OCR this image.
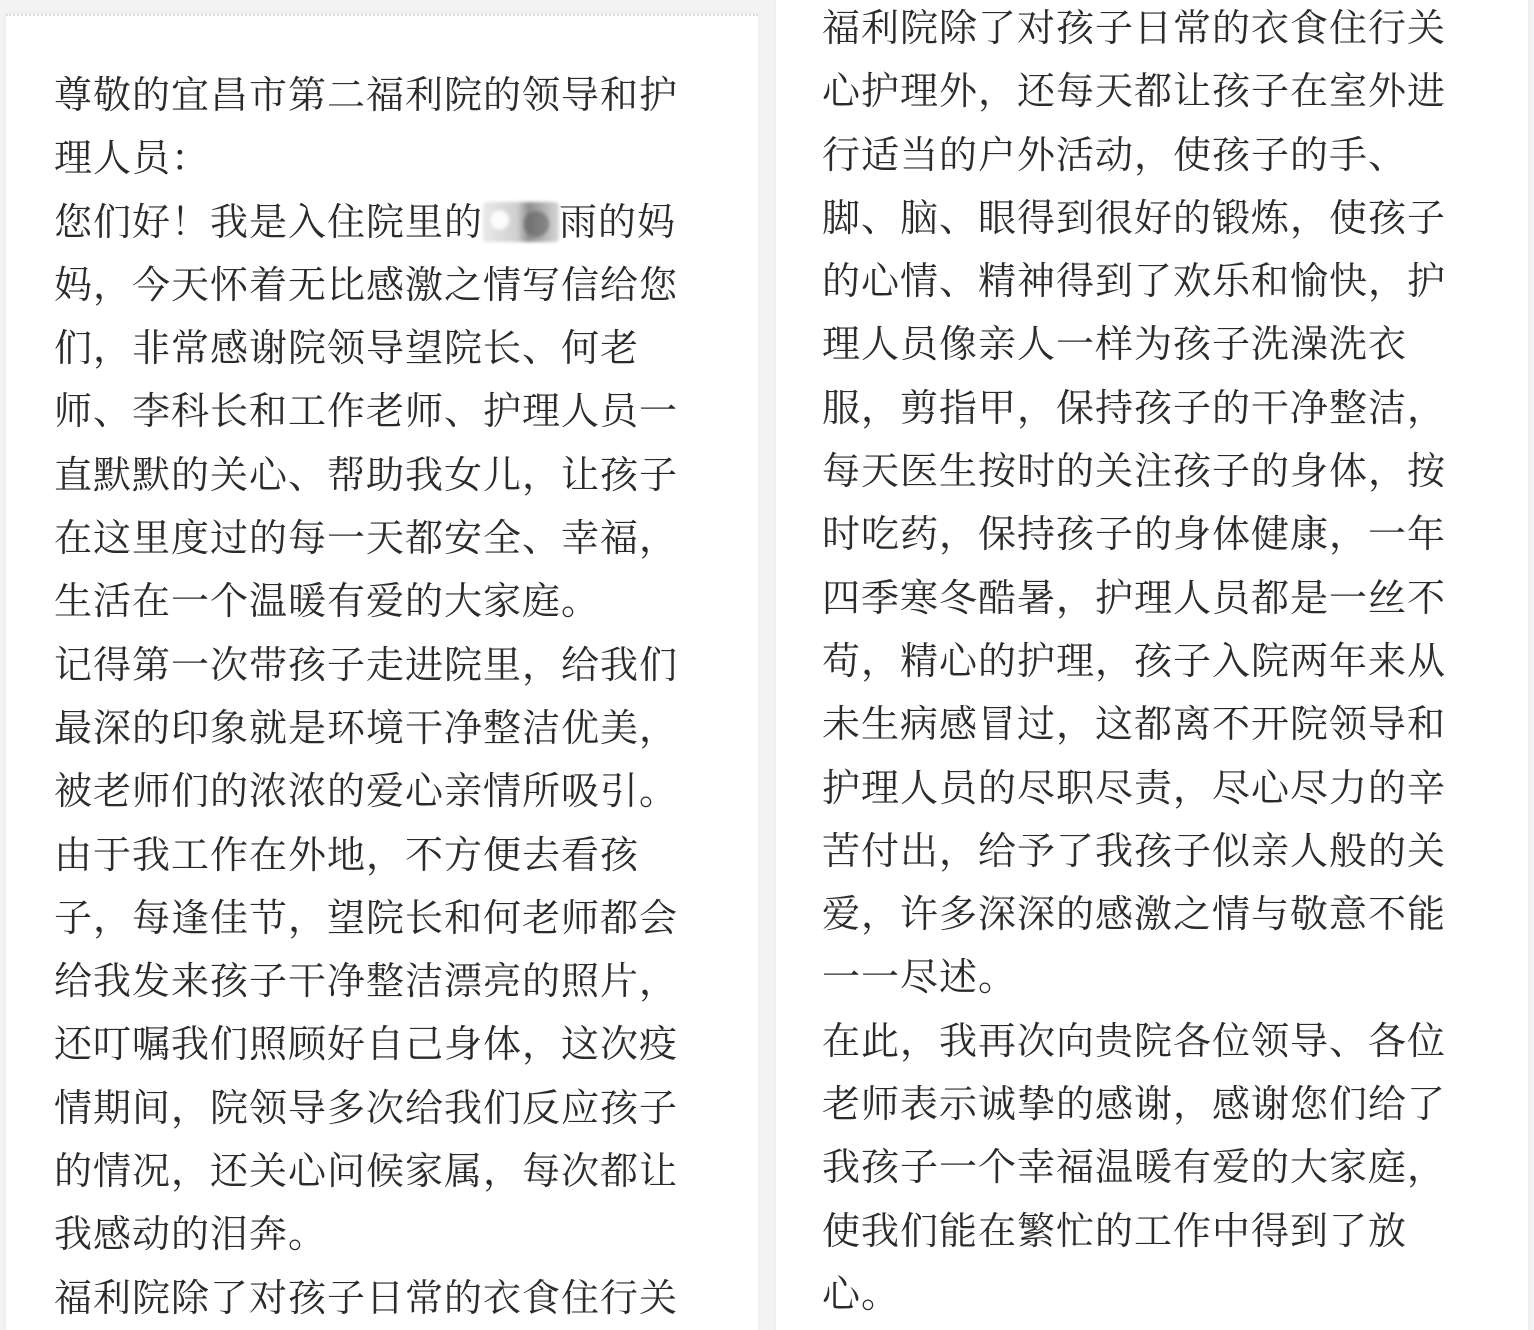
尊敬的宜昌市第二福利院的领导和护
理人员：
您们好！我是入住院里的 雨的妈
妈，今天怀着无比感激之情写信给您
们，非常感谢院领导望院长、何老
师、李科长和工作老师、护理人员一
直默默的关心、帮助我女儿，让孩子
在这里度过的每一天都安全、幸福，
生活在一个温暖有爱的大家庭。
记得第一次带孩子走进院里，给我们
最深的印象就是环境干净整洁优美，
被老师们的浓浓的爱心亲情所吸引。
由于我工作在外地，不方便去看孩
子，每逢佳节，望院长和何老师都会
给我发来孩子干净整洁漂亮的照片，
还叮嘱我们照顾好自己身体，这次疫
情期间，院领导多次给我们反应孩子
的情况，还关心问候家属，每次都让
我感动的泪奔。
福利院除了对孩子日常的衣食住行关
福利院除了对孩子日常的衣食住行关
心护理外，还每天都让孩子在室外进
行适当的户外活动，使孩子的手、
脚、脑、眼得到很好的锻炼，使孩子
的心情、精神得到了欢乐和愉快，护
理人员像亲人一样为孩子洗澡洗衣
服，剪指甲，保持孩子的干净整洁，
每天医生按时的关注孩子的身体，按
时吃药，保持孩子的身体健康，一年
四季寒冬酷暑，护理人员都是一丝不
苟，精心的护理，孩子入院两年来从
未生病感冒过，这都离不开院领导和
护理人员的尽职尽责，尽心尽力的辛
苦付出，给予了我孩子似亲人般的关
爱，许多深深的感激之情与敬意不能
一一尽述。
在此，我再次向贵院各位领导、各位
老师表示诚挚的感谢，感谢您们给了
我孩子一个幸福温暖有爱的大家庭，
使我们能在繁忙的工作中得到了放
心。
